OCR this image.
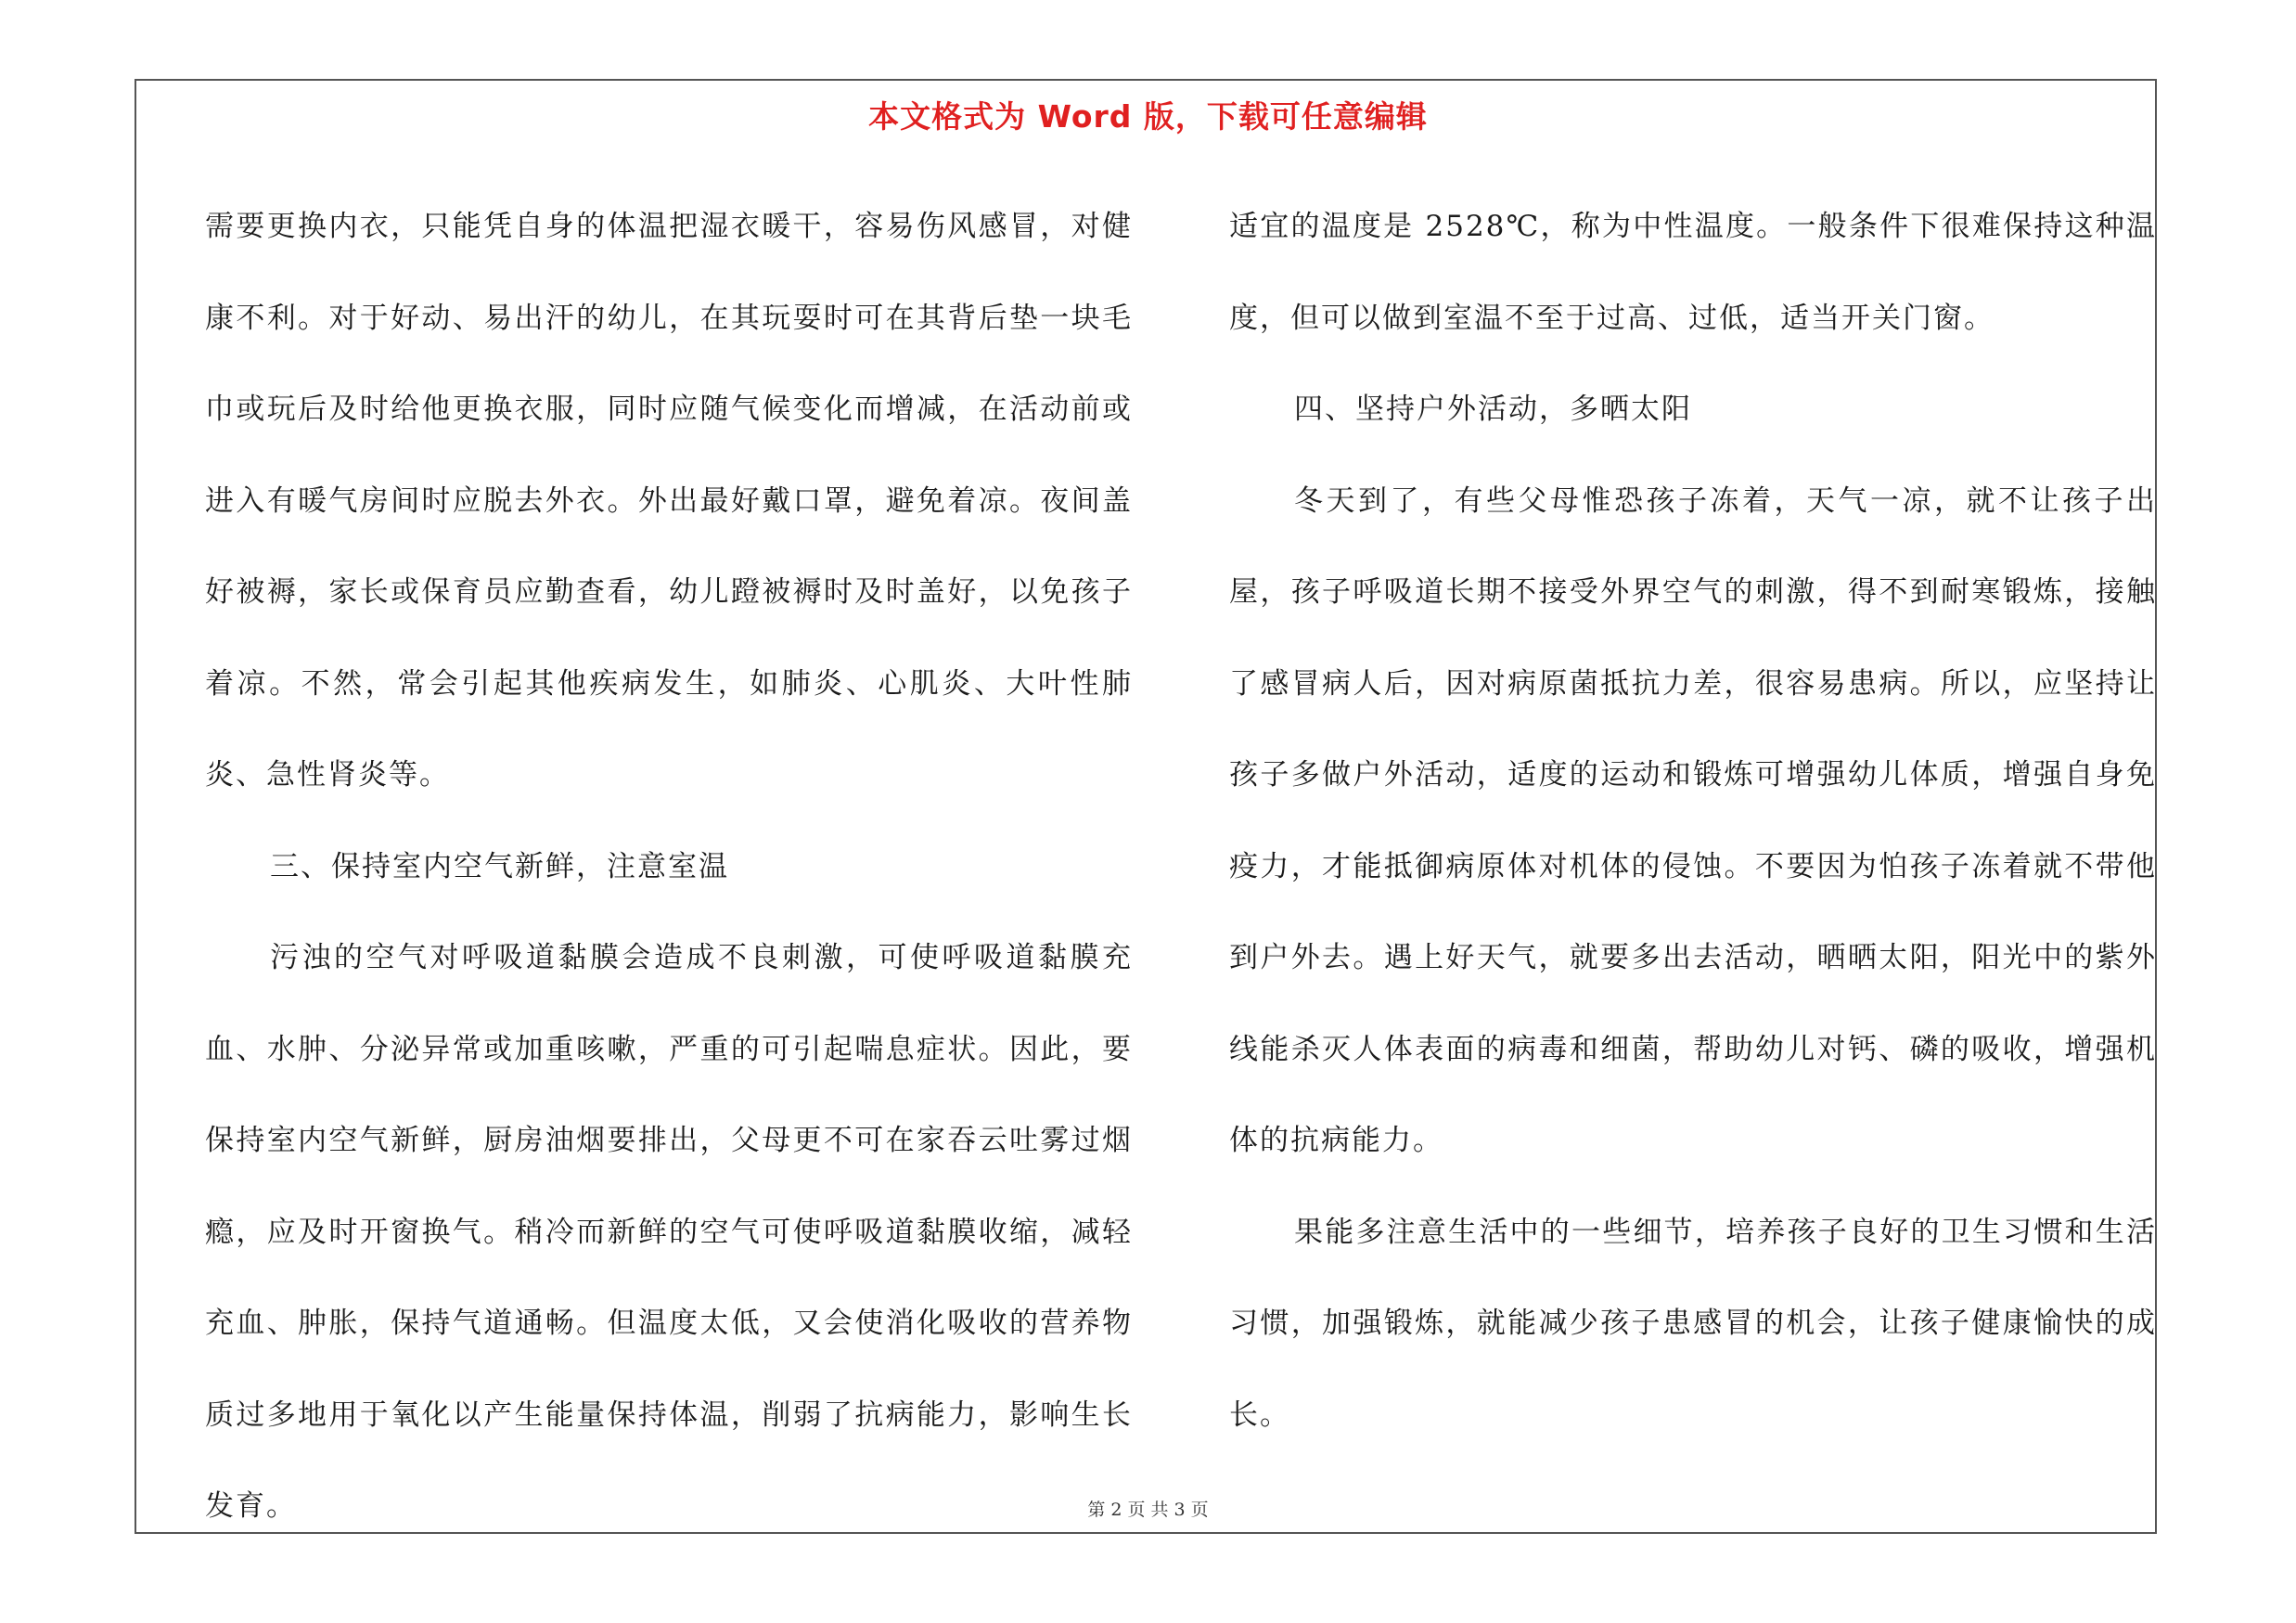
本文格式为 Word 版，下载可任意编辑

需要更换内衣，只能凭自身的体温把湿衣暖干，容易伤风感冒，对健康不利。对于好动、易出汗的幼儿，在其玩耍时可在其背后垫一块毛巾或玩后及时给他更换衣服，同时应随气候变化而增减，在活动前或进入有暖气房间时应脱去外衣。外出最好戴口罩，避免着凉。夜间盖好被褥，家长或保育员应勤查看，幼儿蹬被褥时及时盖好，以免孩子着凉。不然，常会引起其他疾病发生，如肺炎、心肌炎、大叶性肺炎、急性肾炎等。

三、保持室内空气新鲜，注意室温

污浊的空气对呼吸道黏膜会造成不良刺激，可使呼吸道黏膜充血、水肿、分泌异常或加重咳嗽，严重的可引起喘息症状。因此，要保持室内空气新鲜，厨房油烟要排出，父母更不可在家吞云吐雾过烟瘾，应及时开窗换气。稍冷而新鲜的空气可使呼吸道黏膜收缩，减轻充血、肿胀，保持气道通畅。但温度太低，又会使消化吸收的营养物质过多地用于氧化以产生能量保持体温，削弱了抗病能力，影响生长发育。

适宜的温度是 2528℃，称为中性温度。一般条件下很难保持这种温度，但可以做到室温不至于过高、过低，适当开关门窗。

四、坚持户外活动，多晒太阳

冬天到了，有些父母惟恐孩子冻着，天气一凉，就不让孩子出屋，孩子呼吸道长期不接受外界空气的刺激，得不到耐寒锻炼，接触了感冒病人后，因对病原菌抵抗力差，很容易患病。所以，应坚持让孩子多做户外活动，适度的运动和锻炼可增强幼儿体质，增强自身免疫力，才能抵御病原体对机体的侵蚀。不要因为怕孩子冻着就不带他到户外去。遇上好天气，就要多出去活动，晒晒太阳，阳光中的紫外线能杀灭人体表面的病毒和细菌，帮助幼儿对钙、磷的吸收，增强机体的抗病能力。

果能多注意生活中的一些细节，培养孩子良好的卫生习惯和生活习惯，加强锻炼，就能减少孩子患感冒的机会，让孩子健康愉快的成长。

第 2 页 共 3 页
